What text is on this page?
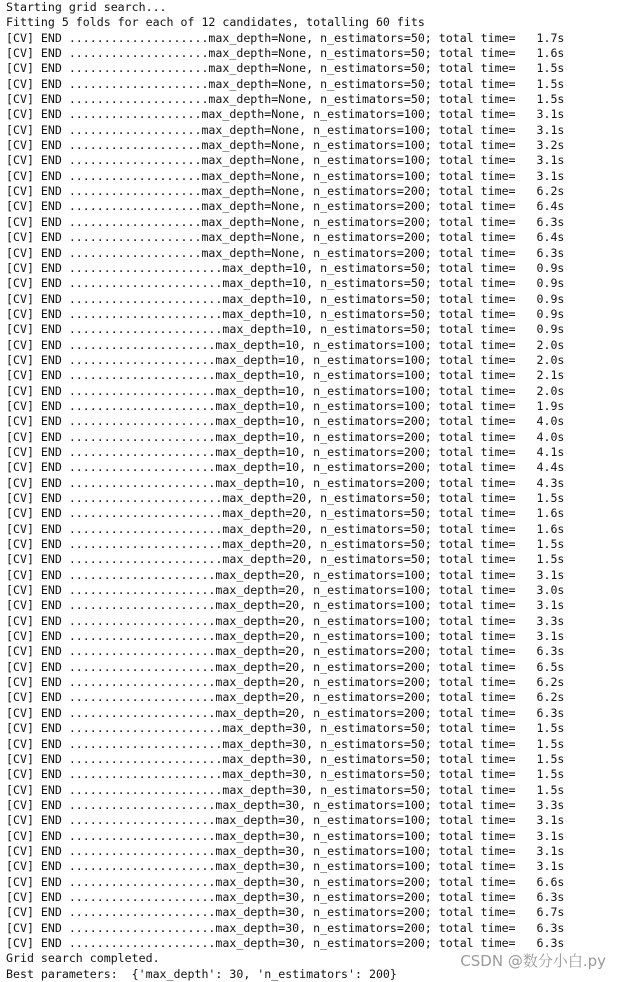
Starting grid search...
Fitting 5 folds for each of 12 candidates, totalling 60 fits
[CV] END ....................max_depth=None, n_estimators=50; total time=   1.7s
[CV] END ....................max_depth=None, n_estimators=50; total time=   1.6s
[CV] END ....................max_depth=None, n_estimators=50; total time=   1.5s
[CV] END ....................max_depth=None, n_estimators=50; total time=   1.5s
[CV] END ....................max_depth=None, n_estimators=50; total time=   1.5s
[CV] END ...................max_depth=None, n_estimators=100; total time=   3.1s
[CV] END ...................max_depth=None, n_estimators=100; total time=   3.1s
[CV] END ...................max_depth=None, n_estimators=100; total time=   3.2s
[CV] END ...................max_depth=None, n_estimators=100; total time=   3.1s
[CV] END ...................max_depth=None, n_estimators=100; total time=   3.1s
[CV] END ...................max_depth=None, n_estimators=200; total time=   6.2s
[CV] END ...................max_depth=None, n_estimators=200; total time=   6.4s
[CV] END ...................max_depth=None, n_estimators=200; total time=   6.3s
[CV] END ...................max_depth=None, n_estimators=200; total time=   6.4s
[CV] END ...................max_depth=None, n_estimators=200; total time=   6.3s
[CV] END ......................max_depth=10, n_estimators=50; total time=   0.9s
[CV] END ......................max_depth=10, n_estimators=50; total time=   0.9s
[CV] END ......................max_depth=10, n_estimators=50; total time=   0.9s
[CV] END ......................max_depth=10, n_estimators=50; total time=   0.9s
[CV] END ......................max_depth=10, n_estimators=50; total time=   0.9s
[CV] END .....................max_depth=10, n_estimators=100; total time=   2.0s
[CV] END .....................max_depth=10, n_estimators=100; total time=   2.0s
[CV] END .....................max_depth=10, n_estimators=100; total time=   2.1s
[CV] END .....................max_depth=10, n_estimators=100; total time=   2.0s
[CV] END .....................max_depth=10, n_estimators=100; total time=   1.9s
[CV] END .....................max_depth=10, n_estimators=200; total time=   4.0s
[CV] END .....................max_depth=10, n_estimators=200; total time=   4.0s
[CV] END .....................max_depth=10, n_estimators=200; total time=   4.1s
[CV] END .....................max_depth=10, n_estimators=200; total time=   4.4s
[CV] END .....................max_depth=10, n_estimators=200; total time=   4.3s
[CV] END ......................max_depth=20, n_estimators=50; total time=   1.5s
[CV] END ......................max_depth=20, n_estimators=50; total time=   1.6s
[CV] END ......................max_depth=20, n_estimators=50; total time=   1.6s
[CV] END ......................max_depth=20, n_estimators=50; total time=   1.5s
[CV] END ......................max_depth=20, n_estimators=50; total time=   1.5s
[CV] END .....................max_depth=20, n_estimators=100; total time=   3.1s
[CV] END .....................max_depth=20, n_estimators=100; total time=   3.0s
[CV] END .....................max_depth=20, n_estimators=100; total time=   3.1s
[CV] END .....................max_depth=20, n_estimators=100; total time=   3.3s
[CV] END .....................max_depth=20, n_estimators=100; total time=   3.1s
[CV] END .....................max_depth=20, n_estimators=200; total time=   6.3s
[CV] END .....................max_depth=20, n_estimators=200; total time=   6.5s
[CV] END .....................max_depth=20, n_estimators=200; total time=   6.2s
[CV] END .....................max_depth=20, n_estimators=200; total time=   6.2s
[CV] END .....................max_depth=20, n_estimators=200; total time=   6.3s
[CV] END ......................max_depth=30, n_estimators=50; total time=   1.5s
[CV] END ......................max_depth=30, n_estimators=50; total time=   1.5s
[CV] END ......................max_depth=30, n_estimators=50; total time=   1.5s
[CV] END ......................max_depth=30, n_estimators=50; total time=   1.5s
[CV] END ......................max_depth=30, n_estimators=50; total time=   1.5s
[CV] END .....................max_depth=30, n_estimators=100; total time=   3.3s
[CV] END .....................max_depth=30, n_estimators=100; total time=   3.1s
[CV] END .....................max_depth=30, n_estimators=100; total time=   3.1s
[CV] END .....................max_depth=30, n_estimators=100; total time=   3.1s
[CV] END .....................max_depth=30, n_estimators=100; total time=   3.1s
[CV] END .....................max_depth=30, n_estimators=200; total time=   6.6s
[CV] END .....................max_depth=30, n_estimators=200; total time=   6.3s
[CV] END .....................max_depth=30, n_estimators=200; total time=   6.7s
[CV] END .....................max_depth=30, n_estimators=200; total time=   6.3s
[CV] END .....................max_depth=30, n_estimators=200; total time=   6.3s
Grid search completed.
Best parameters:  {'max_depth': 30, 'n_estimators': 200}
CSDN @数分小白.py
